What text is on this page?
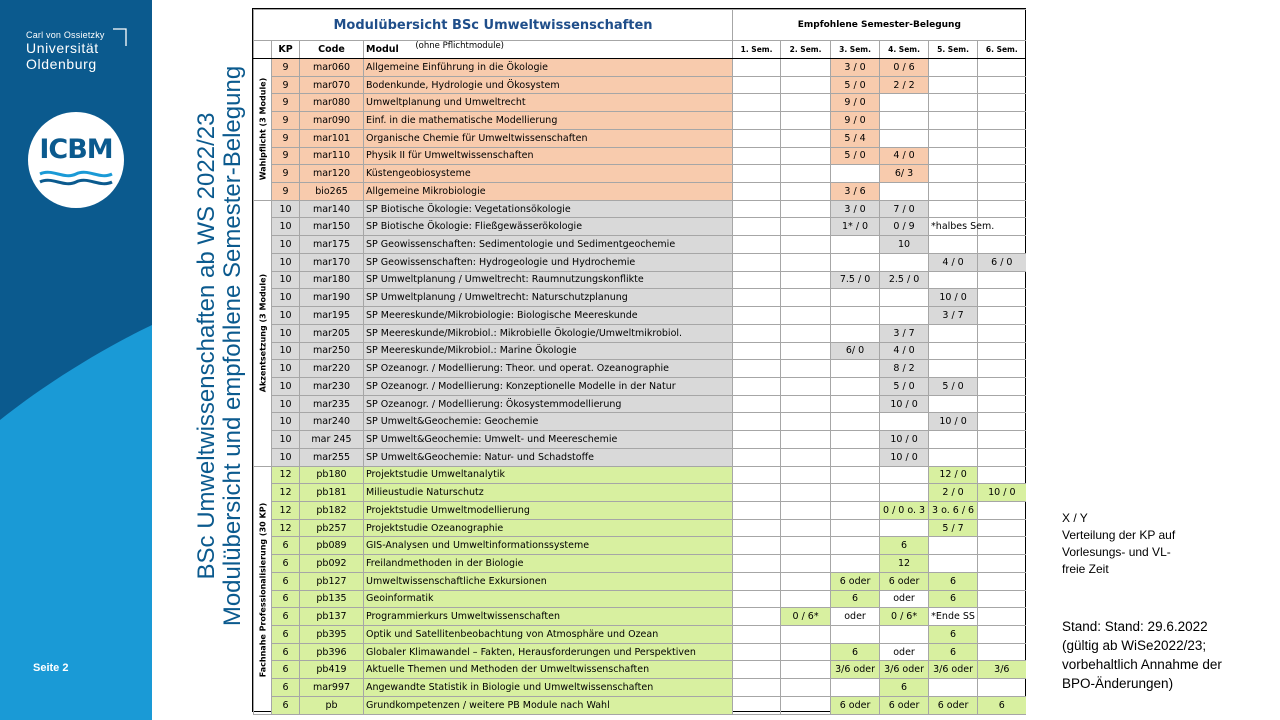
Carl von Ossietzky
Universität
Oldenburg
ICBM
Seite 2
BSc Umweltwissenschaften ab WS 2022/23 Modulübersicht und empfohlene Semester-Belegung
Modulübersicht BSc Umweltwissenschaften				Empfohlene Semester-Belegung					
	KP	Code	Modul (ohne Pflichtmodule)	1. Sem.	2. Sem.	3. Sem.	4. Sem.	5. Sem.	6. Sem.

Wahlpflicht (3 Module)	9	mar060	Allgemeine Einführung in die Ökologie			3 / 0	0 / 6		
	9	mar070	Bodenkunde, Hydrologie und Ökosystem			5 / 0	2 / 2		
	9	mar080	Umweltplanung und Umweltrecht			9 / 0			
	9	mar090	Einf. in die mathematische Modellierung			9 / 0			
	9	mar101	Organische Chemie für Umweltwissenschaften			5 / 4			
	9	mar110	Physik II für Umweltwissenschaften			5 / 0	4 / 0		
	9	mar120	Küstengeobiosysteme				6/ 3		
	9	bio265	Allgemeine Mikrobiologie			3 / 6			

Akzentsetzung (3 Module)	10	mar140	SP Biotische Ökologie: Vegetationsökologie			3 / 0	7 / 0		
	10	mar150	SP Biotische Ökologie: Fließgewässerökologie			1* / 0	0 / 9	*halbes Sem.	
	10	mar175	SP Geowissenschaften: Sedimentologie und Sedimentgeochemie				10		
	10	mar170	SP Geowissenschaften: Hydrogeologie und Hydrochemie					4 / 0	6 / 0
	10	mar180	SP Umweltplanung / Umweltrecht: Raumnutzungskonflikte			7.5 / 0	2.5 / 0		
	10	mar190	SP Umweltplanung / Umweltrecht: Naturschutzplanung					10 / 0	
	10	mar195	SP Meereskunde/Mikrobiologie: Biologische Meereskunde					3 / 7	
	10	mar205	SP Meereskunde/Mikrobiol.: Mikrobielle Ökologie/Umweltmikrobiol.				3 / 7		
	10	mar250	SP Meereskunde/Mikrobiol.: Marine Ökologie			6/ 0	4 / 0		
	10	mar220	SP Ozeanogr. / Modellierung: Theor. und operat. Ozeanographie				8 / 2		
	10	mar230	SP Ozeanogr. / Modellierung: Konzeptionelle Modelle in der Natur				5 / 0	5 / 0	
	10	mar235	SP Ozeanogr. / Modellierung: Ökosystemmodellierung				10 / 0		
	10	mar240	SP Umwelt&Geochemie: Geochemie					10 / 0	
	10	mar 245	SP Umwelt&Geochemie: Umwelt- und Meereschemie				10 / 0		
	10	mar255	SP Umwelt&Geochemie: Natur- und Schadstoffe				10 / 0		

Fachnahe Professionalisierung (30 KP)	12	pb180	Projektstudie Umweltanalytik					12 / 0	
	12	pb181	Milieustudie Naturschutz					2 / 0	10 / 0
	12	pb182	Projektstudie Umweltmodellierung				0 / 0 o. 3	3 o. 6 / 6	
	12	pb257	Projektstudie Ozeanographie					5 / 7	
	6	pb089	GIS-Analysen und Umweltinformationssysteme				6		
	6	pb092	Freilandmethoden in der Biologie				12		
	6	pb127	Umweltwissenschaftliche Exkursionen			6 oder	6 oder	6	
	6	pb135	Geoinformatik			6	oder	6	
	6	pb137	Programmierkurs Umweltwissenschaften		0 / 6*	oder	0 / 6*	*Ende SS	
	6	pb395	Optik und Satellitenbeobachtung von Atmosphäre und Ozean					6	
	6	pb396	Globaler Klimawandel – Fakten, Herausforderungen und Perspektiven			6	oder	6	
	6	pb419	Aktuelle Themen und Methoden der Umweltwissenschaften			3/6 oder	3/6 oder	3/6 oder	3/6
	6	mar997	Angewandte Statistik in Biologie und Umweltwissenschaften				6		
	6	pb	Grundkompetenzen / weitere PB Module nach Wahl			6 oder	6 oder	6 oder	6
X / Y
Verteilung der KP auf
Vorlesungs- und VL-
freie Zeit
Stand: Stand: 29.6.2022
(gültig ab WiSe2022/23;
vorbehaltlich Annahme der
BPO-Änderungen)
